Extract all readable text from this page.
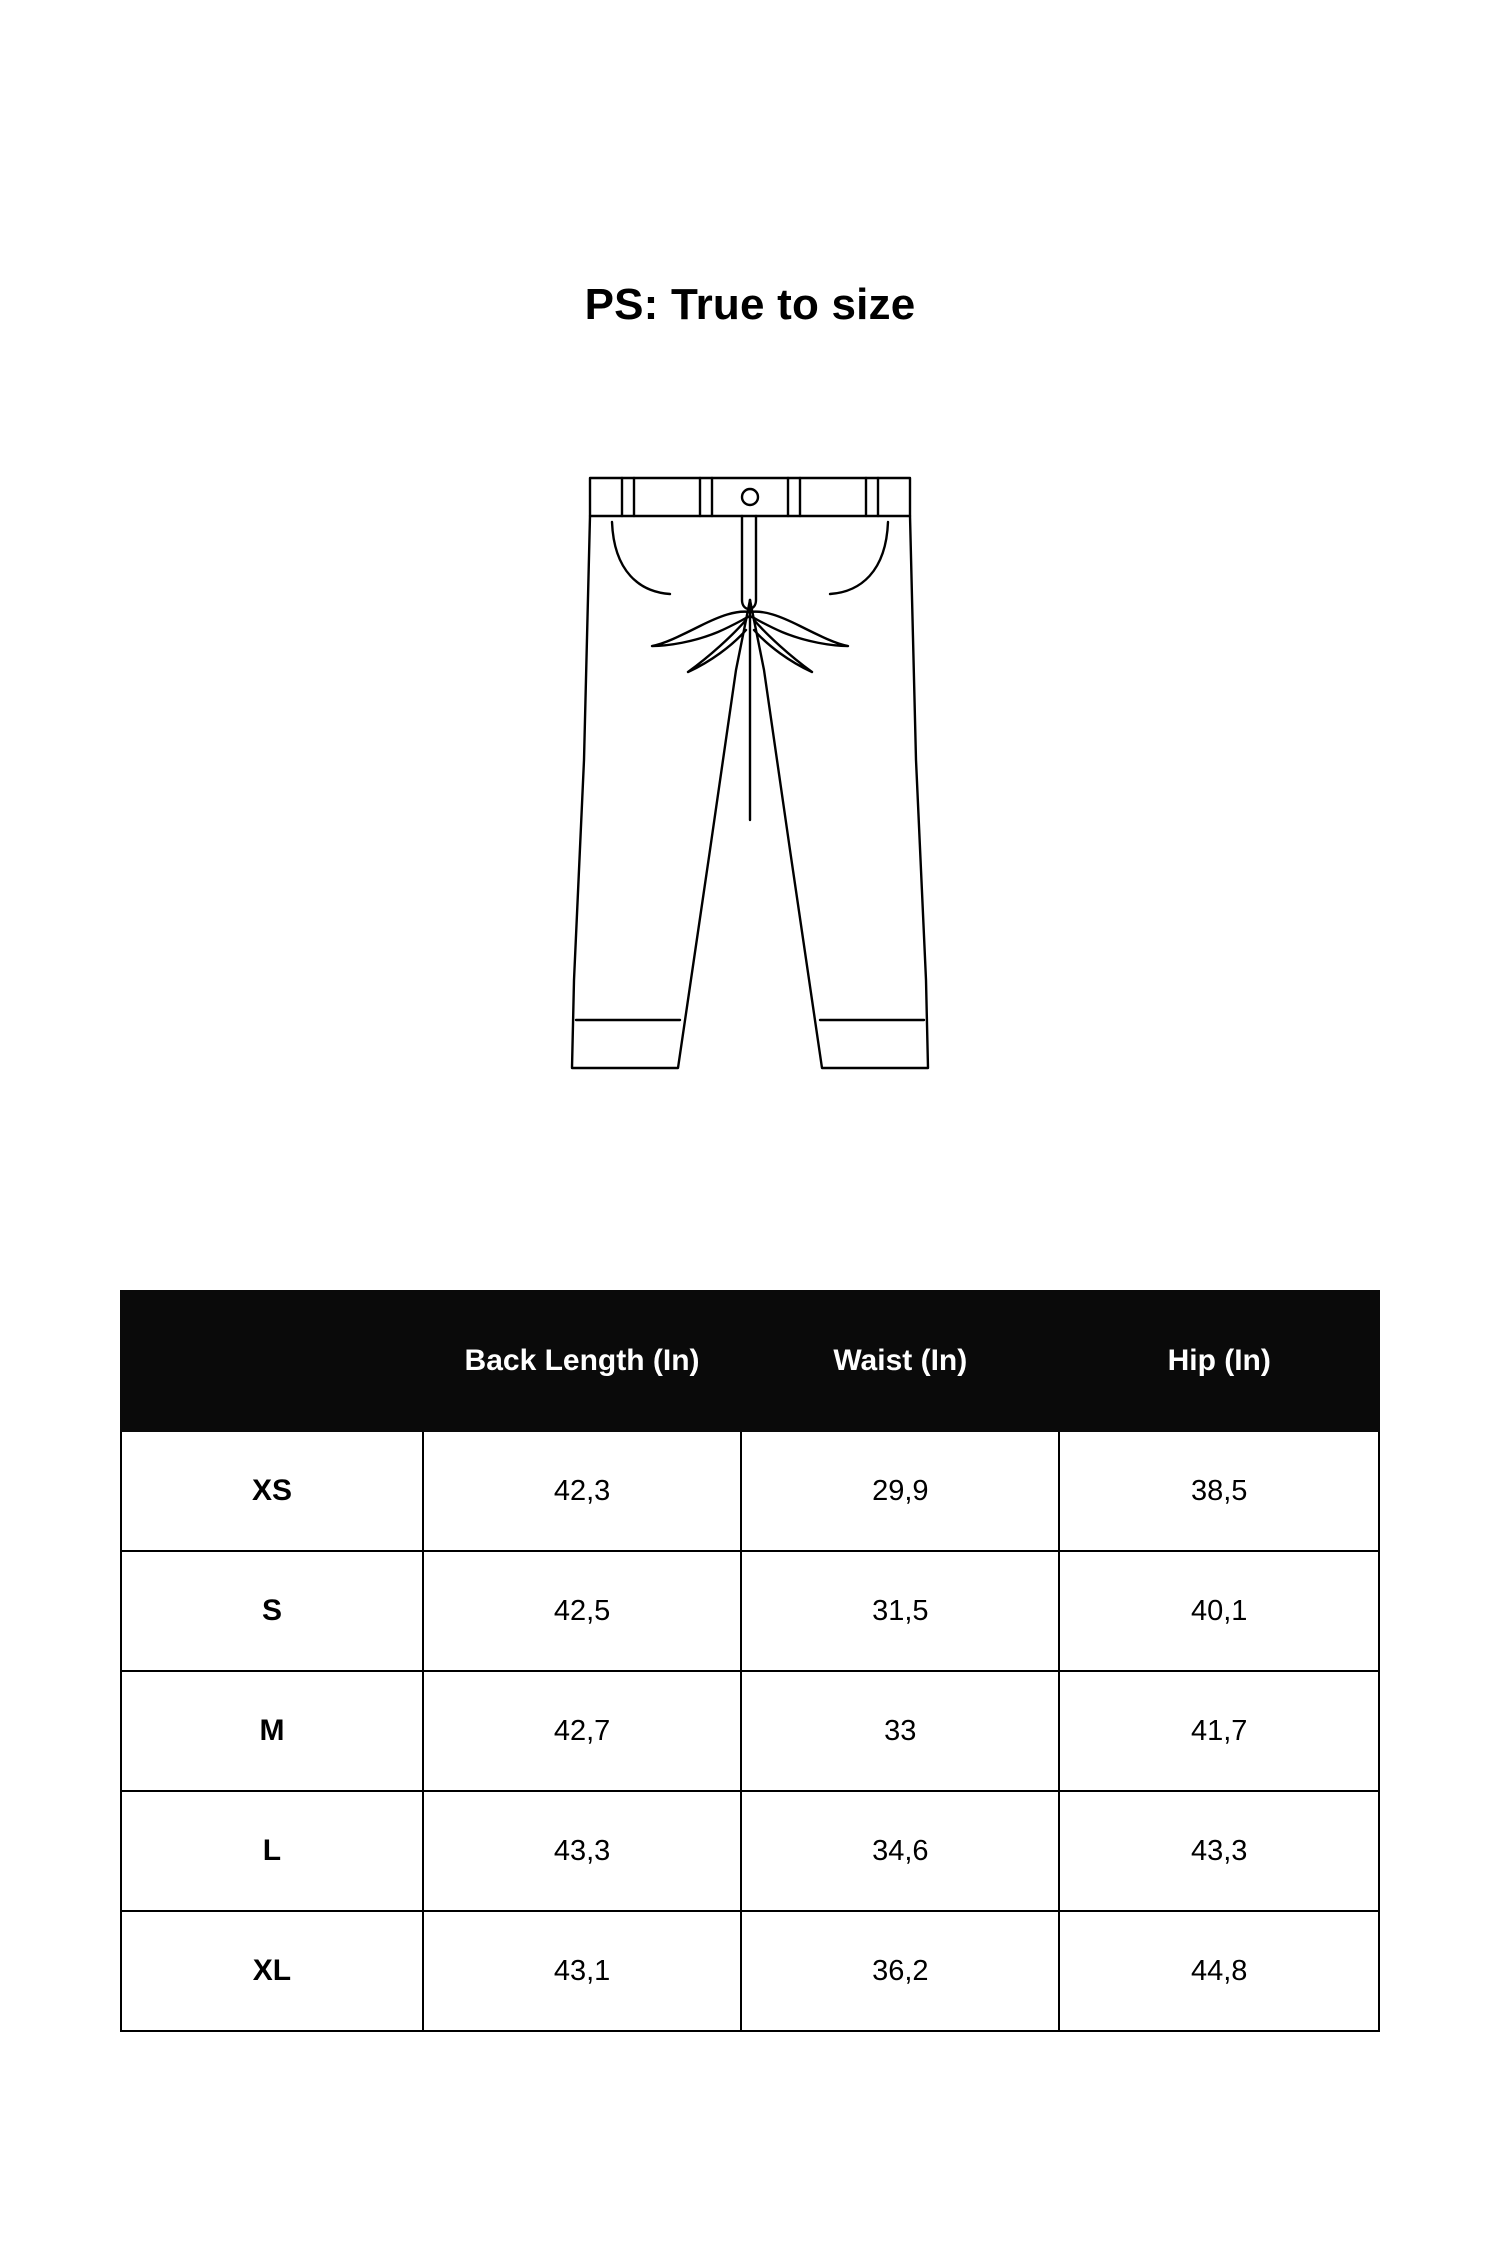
PS: True to size
	Back Length (In)	Waist (In)	Hip (In)
XS	42,3	29,9	38,5
S	42,5	31,5	40,1
M	42,7	33	41,7
L	43,3	34,6	43,3
XL	43,1	36,2	44,8
